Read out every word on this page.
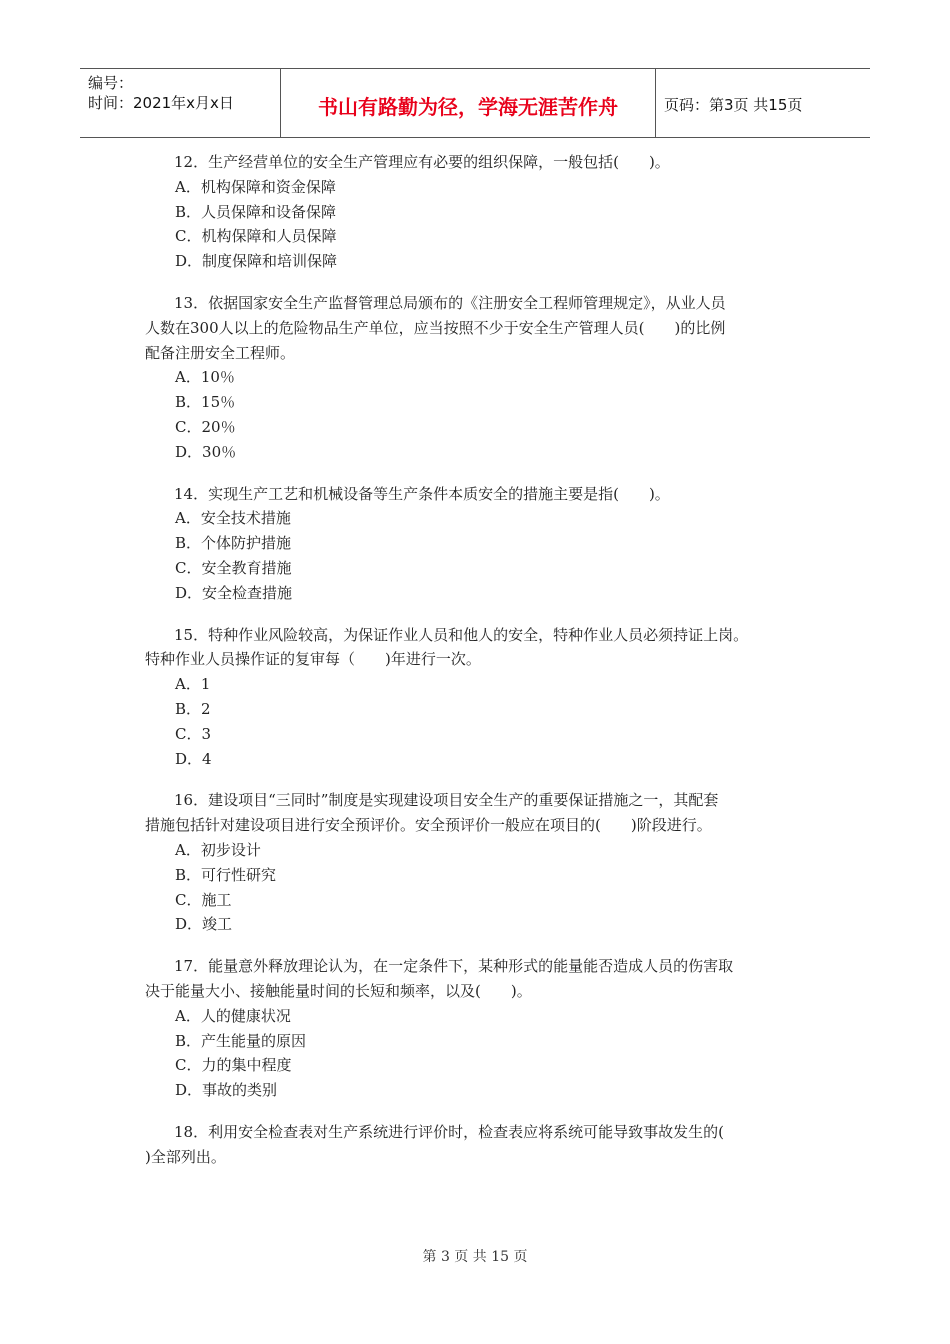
编号：
时间：2021年x月x日	书山有路勤为径，学海无涯苦作舟	页码：第3页 共15页
12．生产经营单位的安全生产管理应有必要的组织保障，一般包括(　　)。
A．机构保障和资金保障
B．人员保障和设备保障
C．机构保障和人员保障
D．制度保障和培训保障
13．依据国家安全生产监督管理总局颁布的《注册安全工程师管理规定》，从业人员
人数在300人以上的危险物品生产单位，应当按照不少于安全生产管理人员(　　)的比例
配备注册安全工程师。
A．10％
B．15％
C．20％
D．30％
14．实现生产工艺和机械设备等生产条件本质安全的措施主要是指(　　)。
A．安全技术措施
B．个体防护措施
C．安全教育措施
D．安全检查措施
15．特种作业风险较高，为保证作业人员和他人的安全，特种作业人员必须持证上岗。
特种作业人员操作证的复审每（　　)年进行一次。
A．1
B．2
C．3
D．4
16．建设项目“三同时”制度是实现建设项目安全生产的重要保证措施之一，其配套
措施包括针对建设项目进行安全预评价。安全预评价一般应在项目的(　　)阶段进行。
A．初步设计
B．可行性研究
C．施工
D．竣工
17．能量意外释放理论认为，在一定条件下，某种形式的能量能否造成人员的伤害取
决于能量大小、接触能量时间的长短和频率，以及(　　)。
A．人的健康状况
B．产生能量的原因
C．力的集中程度
D．事故的类别
18．利用安全检查表对生产系统进行评价时，检查表应将系统可能导致事故发生的(
)全部列出。
第 3 页 共 15 页
